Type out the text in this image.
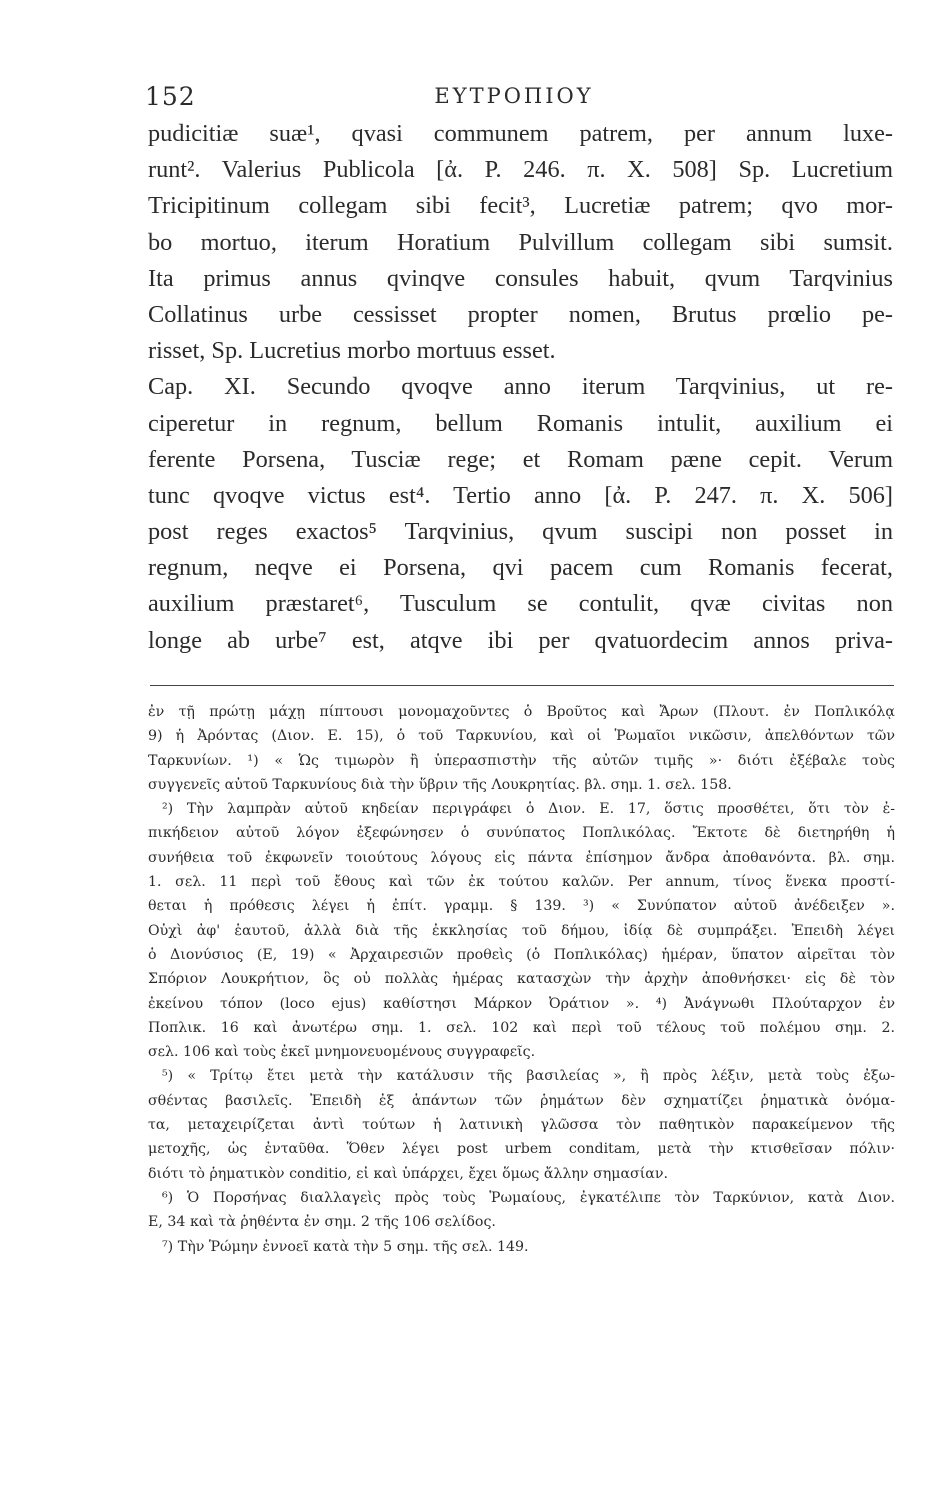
152	ΕΥΤΡΟΠΙΟΥ
pudicitiæ suæ¹, qvasi communem patrem, per annum luxe-
runt². Valerius Publicola [ἀ. Ρ. 246. π. Χ. 508] Sp. Lucretium
Tricipitinum collegam sibi fecit³, Lucretiæ patrem; qvo mor-
bo mortuo, iterum Horatium Pulvillum collegam sibi sumsit.
Ita primus annus qvinqve consules habuit, qvum Tarqvinius
Collatinus urbe cessisset propter nomen, Brutus prœlio pe-
risset, Sp. Lucretius morbo mortuus esset.
Cap. XI. Secundo qvoqve anno iterum Tarqvinius, ut re-
ciperetur in regnum, bellum Romanis intulit, auxilium ei
ferente Porsena, Tusciæ rege; et Romam pæne cepit. Verum
tunc qvoqve victus est⁴. Tertio anno [ἀ. Ρ. 247. π. Χ. 506]
post reges exactos⁵ Tarqvinius, qvum suscipi non posset in
regnum, neqve ei Porsena, qvi pacem cum Romanis fecerat,
auxilium præstaret⁶, Tusculum se contulit, qvæ civitas non
longe ab urbe⁷ est, atqve ibi per qvatuordecim annos priva-
ἐν τῇ πρώτῃ μάχῃ πίπτουσι μονομαχοῦντες ὁ Βροῦτος καὶ Ἄρων (Πλουτ. ἐν Ποπλικόλᾳ
9) ἡ Ἀρόντας (Διον. Ε. 15), ὁ τοῦ Ταρκυνίου, καὶ οἱ Ῥωμαῖοι νικῶσιν, ἀπελθόντων τῶν
Ταρκυνίων. ¹) « Ὡς τιμωρὸν ἢ ὑπερασπιστὴν τῆς αὐτῶν τιμῆς »· διότι ἐξέβαλε τοὺς
συγγενεῖς αὐτοῦ Ταρκυνίους διὰ τὴν ὕβριν τῆς Λουκρητίας. βλ. σημ. 1. σελ. 158.
²) Τὴν λαμπρὰν αὐτοῦ κηδείαν περιγράφει ὁ Διον. Ε. 17, ὅστις προσθέτει, ὅτι τὸν ἐ-
πικήδειον αὐτοῦ λόγον ἐξεφώνησεν ὁ συνύπατος Ποπλικόλας. Ἔκτοτε δὲ διετηρήθη ἡ
συνήθεια τοῦ ἐκφωνεῖν τοιούτους λόγους εἰς πάντα ἐπίσημον ἄνδρα ἀποθανόντα. βλ. σημ.
1. σελ. 11 περὶ τοῦ ἔθους καὶ τῶν ἐκ τούτου καλῶν. Per annum, τίνος ἕνεκα προστί-
θεται ἡ πρόθεσις λέγει ἡ ἐπίτ. γραμμ. § 139. ³) « Συνύπατον αὐτοῦ ἀνέδειξεν ».
Οὐχὶ ἀφ' ἑαυτοῦ, ἀλλὰ διὰ τῆς ἐκκλησίας τοῦ δήμου, ἰδίᾳ δὲ συμπράξει. Ἐπειδὴ λέγει
ὁ Διονύσιος (Ε, 19) « Ἀρχαιρεσιῶν προθεὶς (ὁ Ποπλικόλας) ἡμέραν, ὕπατον αἱρεῖται τὸν
Σπόριον Λουκρήτιον, ὃς οὐ πολλὰς ἡμέρας κατασχὼν τὴν ἀρχὴν ἀποθνήσκει· εἰς δὲ τὸν
ἐκείνου τόπον (loco ejus) καθίστησι Μάρκον Ὀράτιον ». ⁴) Ἀνάγνωθι Πλούταρχον ἐν
Ποπλικ. 16 καὶ ἀνωτέρω σημ. 1. σελ. 102 καὶ περὶ τοῦ τέλους τοῦ πολέμου σημ. 2.
σελ. 106 καὶ τοὺς ἐκεῖ μνημονευομένους συγγραφεῖς.
⁵) « Τρίτῳ ἔτει μετὰ τὴν κατάλυσιν τῆς βασιλείας », ἢ πρὸς λέξιν, μετὰ τοὺς ἐξω-
σθέντας βασιλεῖς. Ἐπειδὴ ἐξ ἁπάντων τῶν ῥημάτων δὲν σχηματίζει ῥηματικὰ ὀνόμα-
τα, μεταχειρίζεται ἀντὶ τούτων ἡ λατινικὴ γλῶσσα τὸν παθητικὸν παρακείμενον τῆς
μετοχῆς, ὡς ἐνταῦθα. Ὅθεν λέγει post urbem conditam, μετὰ τὴν κτισθεῖσαν πόλιν·
διότι τὸ ῥηματικὸν conditio, εἰ καὶ ὑπάρχει, ἔχει ὅμως ἄλλην σημασίαν.
⁶) Ὁ Πορσήνας διαλλαγεὶς πρὸς τοὺς Ῥωμαίους, ἐγκατέλιπε τὸν Ταρκύνιον, κατὰ Διον.
Ε, 34 καὶ τὰ ῥηθέντα ἐν σημ. 2 τῆς 106 σελίδος.
⁷) Τὴν Ῥώμην ἐννοεῖ κατὰ τὴν 5 σημ. τῆς σελ. 149.
